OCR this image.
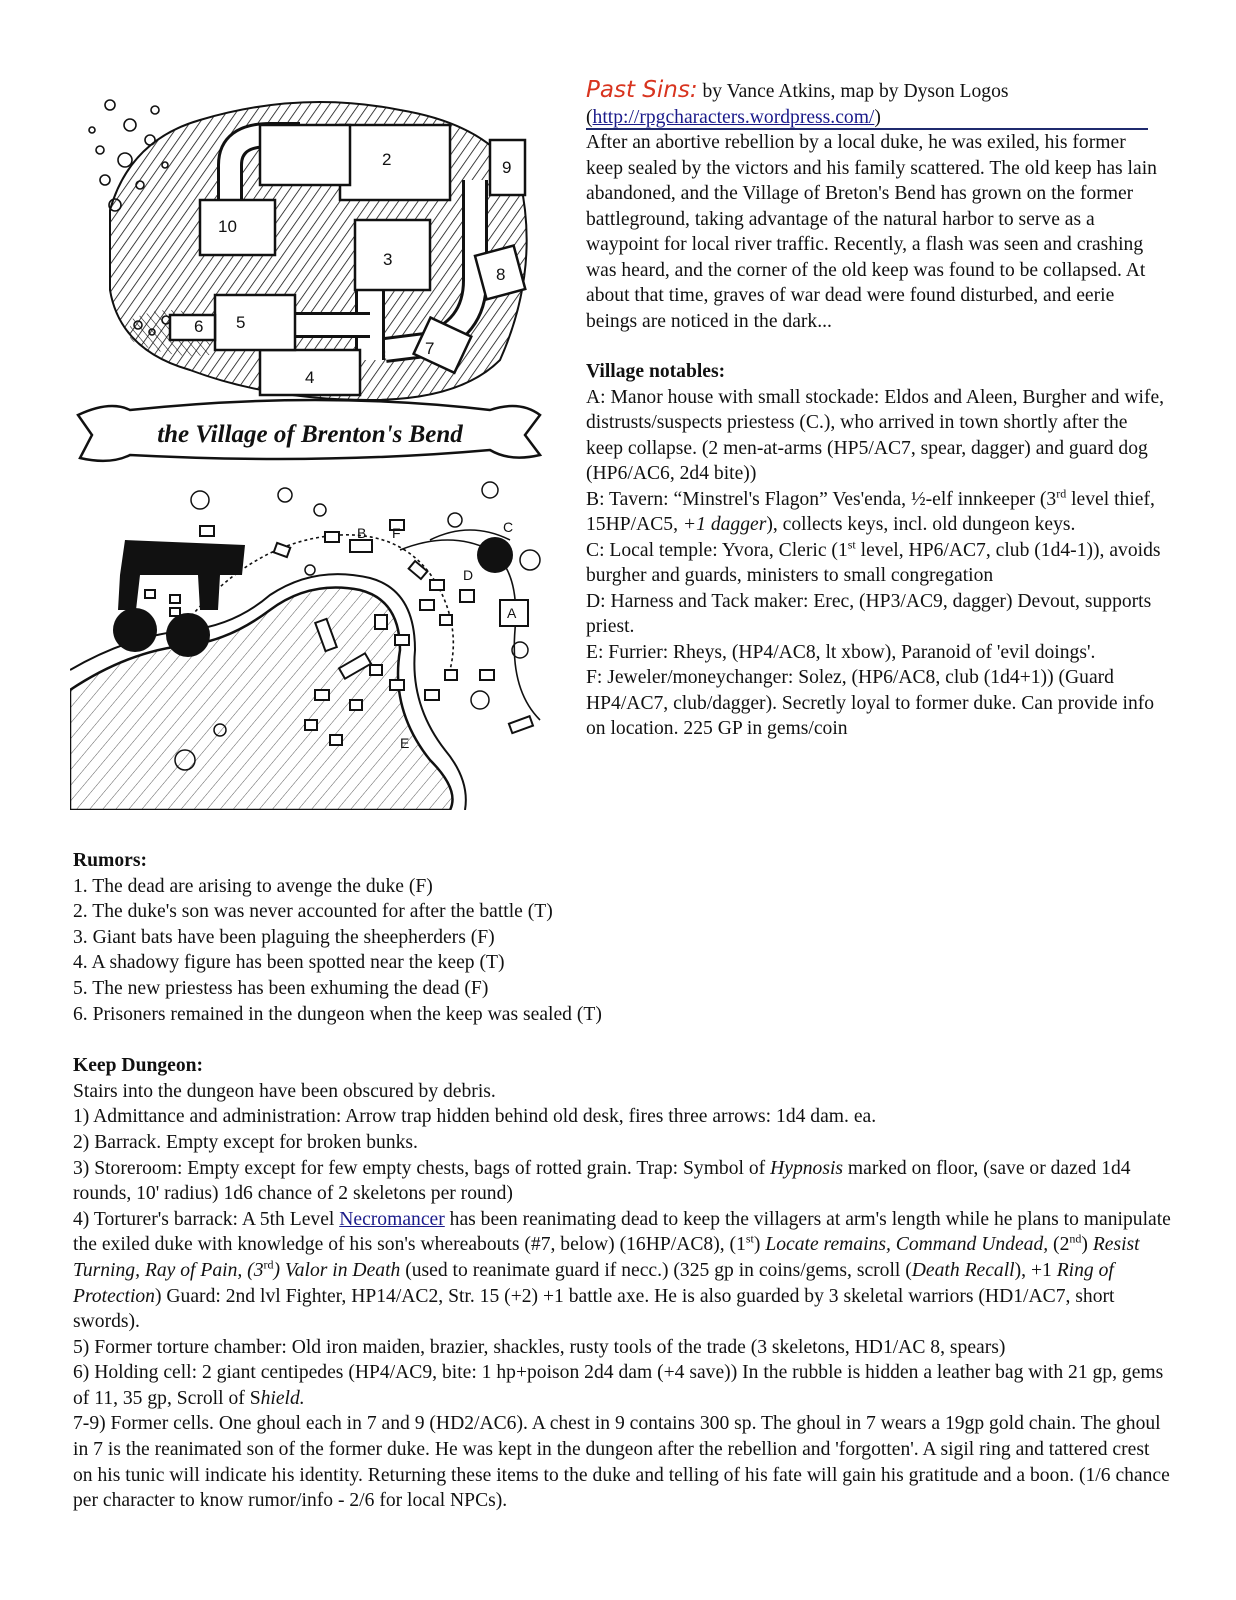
10
2
3
4
5
6
7
8
9
the Village of Brenton's Bend
A
B	C
D
E
F
Past Sins: by Vance Atkins, map by Dyson Logos
(http://rpgcharacters.wordpress.com/)

After an abortive rebellion by a local duke, he was exiled, his former keep sealed by the victors and his family scattered. The old keep has lain abandoned, and the Village of Breton's Bend has grown on the former battleground, taking advantage of the natural harbor to serve as a waypoint for local river traffic. Recently, a flash was seen and crashing was heard, and the corner of the old keep was found to be collapsed. At about that time, graves of war dead were found disturbed, and eerie beings are noticed in the dark...

Village notables:

A: Manor house with small stockade: Eldos and Aleen, Burgher and wife, distrusts/suspects priestess (C.), who arrived in town shortly after the keep collapse. (2 men-at-arms (HP5/AC7, spear, dagger) and guard dog (HP6/AC6, 2d4 bite))

B: Tavern: “Minstrel's Flagon” Ves'enda, ½-elf innkeeper (3rd level thief, 15HP/AC5, +1 dagger), collects keys, incl. old dungeon keys.

C: Local temple: Yvora, Cleric (1st level, HP6/AC7, club (1d4-1)), avoids burgher and guards, ministers to small congregation

D: Harness and Tack maker: Erec, (HP3/AC9, dagger) Devout, supports priest.

E: Furrier: Rheys, (HP4/AC8, lt xbow), Paranoid of 'evil doings'.

F: Jeweler/moneychanger: Solez, (HP6/AC8, club (1d4+1)) (Guard HP4/AC7, club/dagger). Secretly loyal to former duke. Can provide info on location. 225 GP in gems/coin

Rumors:
1. The dead are arising to avenge the duke (F)
2. The duke's son was never accounted for after the battle (T)
3. Giant bats have been plaguing the sheepherders (F)
4. A shadowy figure has been spotted near the keep (T)
5. The new priestess has been exhuming the dead (F)
6. Prisoners remained in the dungeon when the keep was sealed (T)
Keep Dungeon:
Stairs into the dungeon have been obscured by debris.
1) Admittance and administration: Arrow trap hidden behind old desk, fires three arrows: 1d4 dam. ea.
2) Barrack. Empty except for broken bunks.
3) Storeroom: Empty except for few empty chests, bags of rotted grain. Trap: Symbol of Hypnosis marked on floor, (save or dazed 1d4 rounds, 10' radius) 1d6 chance of 2 skeletons per round)
4) Torturer's barrack: A 5th Level Necromancer has been reanimating dead to keep the villagers at arm's length while he plans to manipulate the exiled duke with knowledge of his son's whereabouts (#7, below) (16HP/AC8), (1st) Locate remains, Command Undead, (2nd) Resist Turning, Ray of Pain, (3rd) Valor in Death (used to reanimate guard if necc.) (325 gp in coins/gems, scroll (Death Recall), +1 Ring of Protection) Guard: 2nd lvl Fighter, HP14/AC2, Str. 15 (+2) +1 battle axe. He is also guarded by 3 skeletal warriors (HD1/AC7, short swords).
5) Former torture chamber: Old iron maiden, brazier, shackles, rusty tools of the trade (3 skeletons, HD1/AC 8, spears)
6) Holding cell: 2 giant centipedes (HP4/AC9, bite: 1 hp+poison 2d4 dam (+4 save)) In the rubble is hidden a leather bag with 21 gp, gems of 11, 35 gp, Scroll of Shield.
7-9) Former cells. One ghoul each in 7 and 9 (HD2/AC6). A chest in 9 contains 300 sp. The ghoul in 7 wears a 19gp gold chain. The ghoul in 7 is the reanimated son of the former duke. He was kept in the dungeon after the rebellion and 'forgotten'. A sigil ring and tattered crest on his tunic will indicate his identity. Returning these items to the duke and telling of his fate will gain his gratitude and a boon. (1/6 chance per character to know rumor/info - 2/6 for local NPCs).
